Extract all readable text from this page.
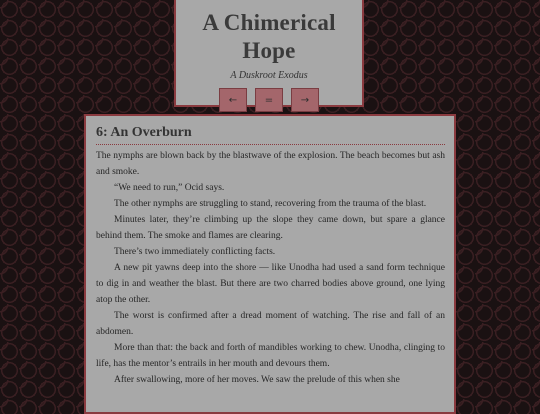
A Chimerical Hope
A Duskroot Exodus
←	=	→
6: An Overburn

The nymphs are blown back by the blastwave of the explosion. The beach becomes but ash and smoke.

“We need to run,” Ocid says.

The other nymphs are struggling to stand, recovering from the trauma of the blast.

Minutes later, they’re climbing up the slope they came down, but spare a glance behind them. The smoke and flames are clearing.

There’s two immediately conflicting facts.

A new pit yawns deep into the shore — like Unodha had used a sand form technique to dig in and weather the blast. But there are two charred bodies above ground, one lying atop the other.

The worst is confirmed after a dread moment of watching. The rise and fall of an abdomen.

More than that: the back and forth of mandibles working to chew. Unodha, clinging to life, has the mentor’s entrails in her mouth and devours them.

After swallowing, more of her moves. We saw the prelude of this when she
